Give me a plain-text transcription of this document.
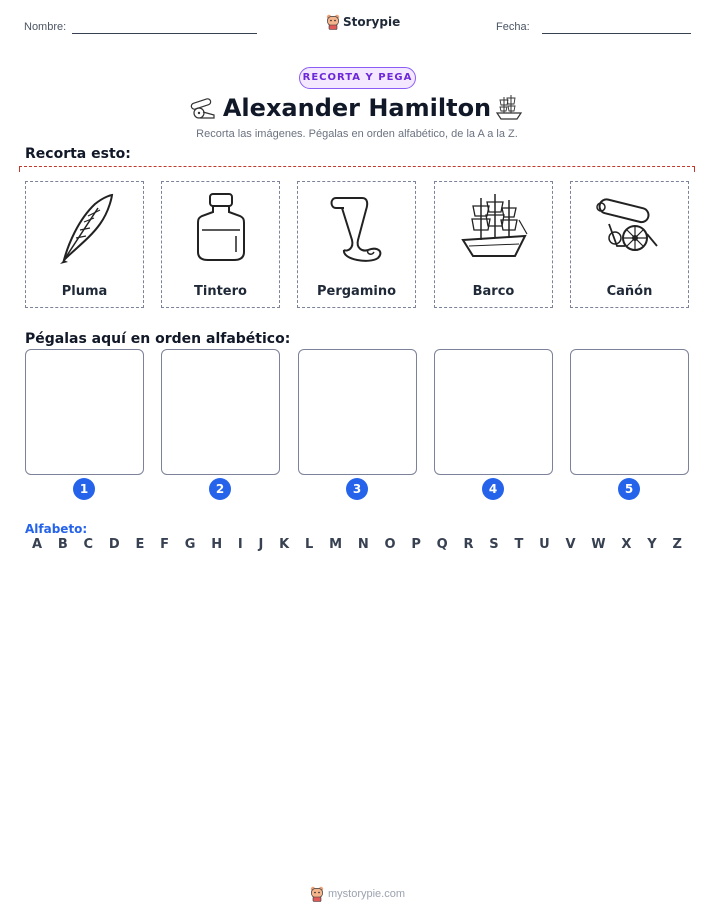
Nombre:	Storypie	Fecha:
RECORTA Y PEGA
Alexander Hamilton
Recorta las imágenes. Pégalas en orden alfabético, de la A a la Z.
Recorta esto:
Pluma	Tintero	Pergamino	Barco	Cañón
Pégalas aquí en orden alfabético:
1	2	3	4	5
Alfabeto:
A B C D E F G H I J K L M N O P Q R S T U V W X Y Z
mystorypie.com
